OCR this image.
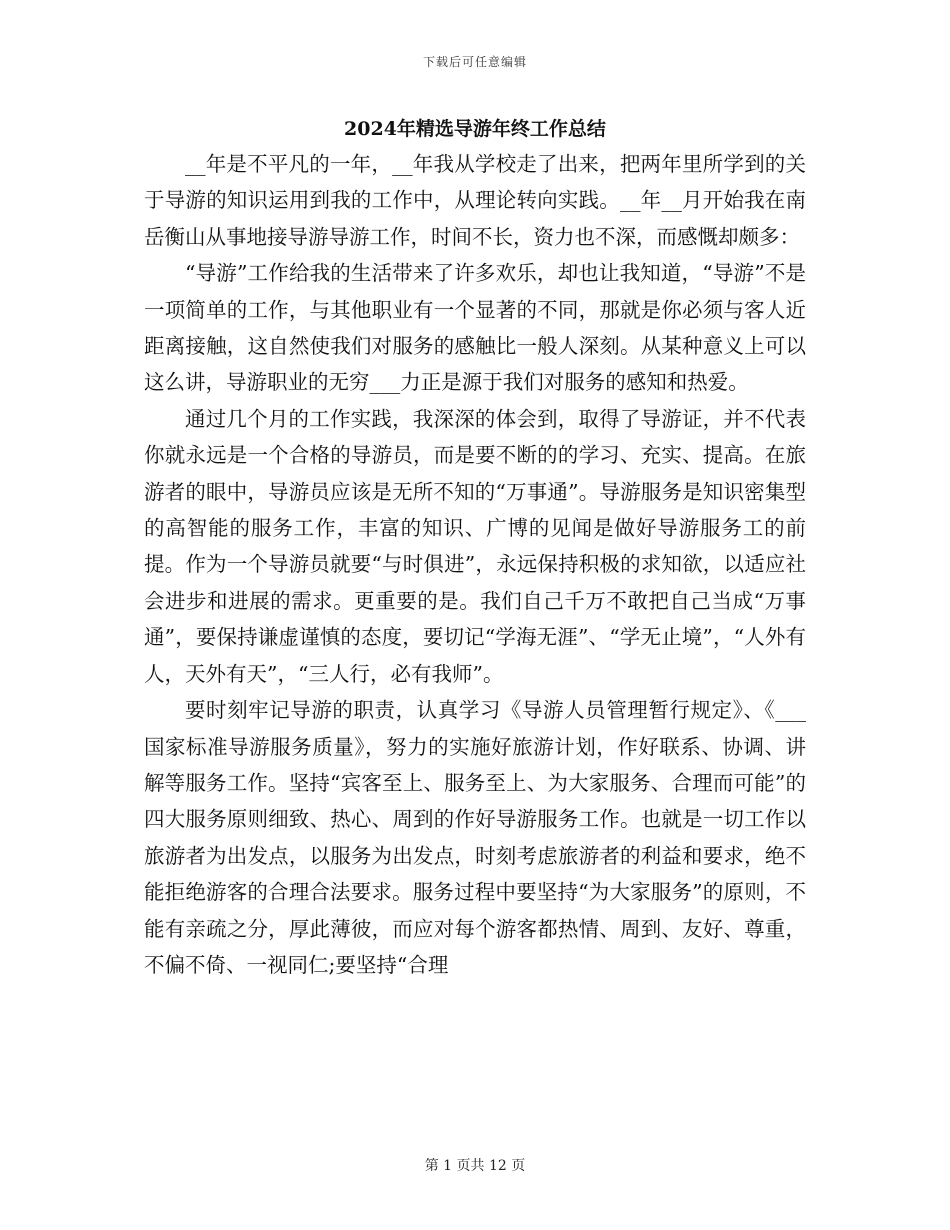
下载后可任意编辑
2024年精选导游年终工作总结

__年是不平凡的一年，__年我从学校走了出来，把两年里所学到的关于导游的知识运用到我的工作中，从理论转向实践。__年__月开始我在南岳衡山从事地接导游导游工作，时间不长，资力也不深，而感慨却颇多：

“导游”工作给我的生活带来了许多欢乐，却也让我知道，“导游”不是一项简单的工作，与其他职业有一个显著的不同，那就是你必须与客人近距离接触，这自然使我们对服务的感触比一般人深刻。从某种意义上可以这么讲，导游职业的无穷___力正是源于我们对服务的感知和热爱。

通过几个月的工作实践，我深深的体会到，取得了导游证，并不代表你就永远是一个合格的导游员，而是要不断的的学习、充实、提高。在旅游者的眼中，导游员应该是无所不知的“万事通”。导游服务是知识密集型的高智能的服务工作，丰富的知识、广博的见闻是做好导游服务工的前提。作为一个导游员就要“与时俱进”，永远保持积极的求知欲，以适应社会进步和进展的需求。更重要的是。我们自己千万不敢把自己当成“万事通”，要保持谦虚谨慎的态度，要切记“学海无涯”、“学无止境”，“人外有人，天外有天”，“三人行，必有我师”。

要时刻牢记导游的职责，认真学习《导游人员管理暂行规定》、《___国家标准导游服务质量》，努力的实施好旅游计划，作好联系、协调、讲解等服务工作。坚持“宾客至上、服务至上、为大家服务、合理而可能”的四大服务原则细致、热心、周到的作好导游服务工作。也就是一切工作以旅游者为出发点，以服务为出发点，时刻考虑旅游者的利益和要求，绝不能拒绝游客的合理合法要求。服务过程中要坚持“为大家服务”的原则，不能有亲疏之分，厚此薄彼，而应对每个游客都热情、周到、友好、尊重，不偏不倚、一视同仁;要坚持“合理

第 1 页共 12 页
